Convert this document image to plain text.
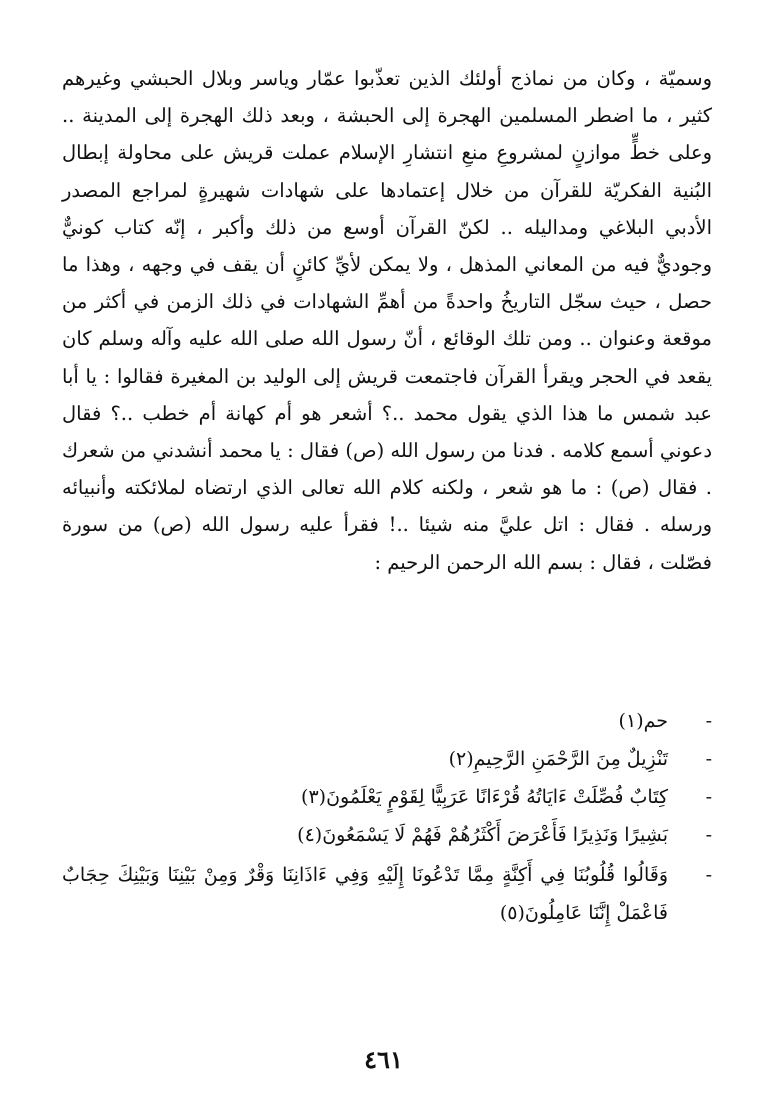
وسميّة ، وكان من نماذج أولئك الذين تعذّبوا عمّار وياسر وبلال الحبشي وغيرهم كثير ، ما اضطر المسلمين الهجرة إلى الحبشة ، وبعد ذلك الهجرة إلى المدينة .. وعلى خطٍّ موازنٍ لمشروعِ منعِ انتشارِ الإسلام عملت قريش على محاولة إبطال البُنية الفكريّة للقرآن من خلال إعتمادها على شهادات شهيرةٍ لمراجع المصدر الأدبي البلاغي ومداليله .. لكنّ القرآن أوسع من ذلك وأكبر ، إنّه كتاب كونيٌّ وجوديٌّ فيه من المعاني المذهل ، ولا يمكن لأيِّ كائنٍ أن يقف في وجهه ، وهذا ما حصل ، حيث سجّل التاريخُ واحدةً من أهمِّ الشهادات في ذلك الزمن في أكثر من موقعة وعنوان .. ومن تلك الوقائع ، أنّ رسول الله صلى الله عليه وآله وسلم كان يقعد في الحجر ويقرأ القرآن فاجتمعت قريش إلى الوليد بن المغيرة فقالوا : يا أبا عبد شمس ما هذا الذي يقول محمد ..؟ أشعر هو أم كهانة أم خطب ..؟ فقال دعوني أسمع كلامه . فدنا من رسول الله (ص) فقال : يا محمد أنشدني من شعرك . فقال (ص) : ما هو شعر ، ولكنه كلام الله تعالى الذي ارتضاه لملائكته وأنبيائه ورسله . فقال : اتل عليَّ منه شيئا ..! فقرأ عليه رسول الله (ص) من سورة فصّلت ، فقال : بسم الله الرحمن الرحيم :

-
حم(١)
-
تَنْزِيلٌ مِنَ الرَّحْمَنِ الرَّحِيمِ(٢)
-
كِتَابٌ فُصِّلَتْ ءَايَاتُهُ قُرْءَانًا عَرَبِيًّا لِقَوْمٍ يَعْلَمُونَ(٣)
-
بَشِيرًا وَنَذِيرًا فَأَعْرَضَ أَكْثَرُهُمْ فَهُمْ لَا يَسْمَعُونَ(٤)
-
وَقَالُوا قُلُوبُنَا فِي أَكِنَّةٍ مِمَّا تَدْعُونَا إِلَيْهِ وَفِي ءَاذَانِنَا وَقْرٌ وَمِنْ بَيْنِنَا وَبَيْنِكَ حِجَابٌ فَاعْمَلْ إِنَّنَا عَامِلُونَ(٥)
٤٦١
